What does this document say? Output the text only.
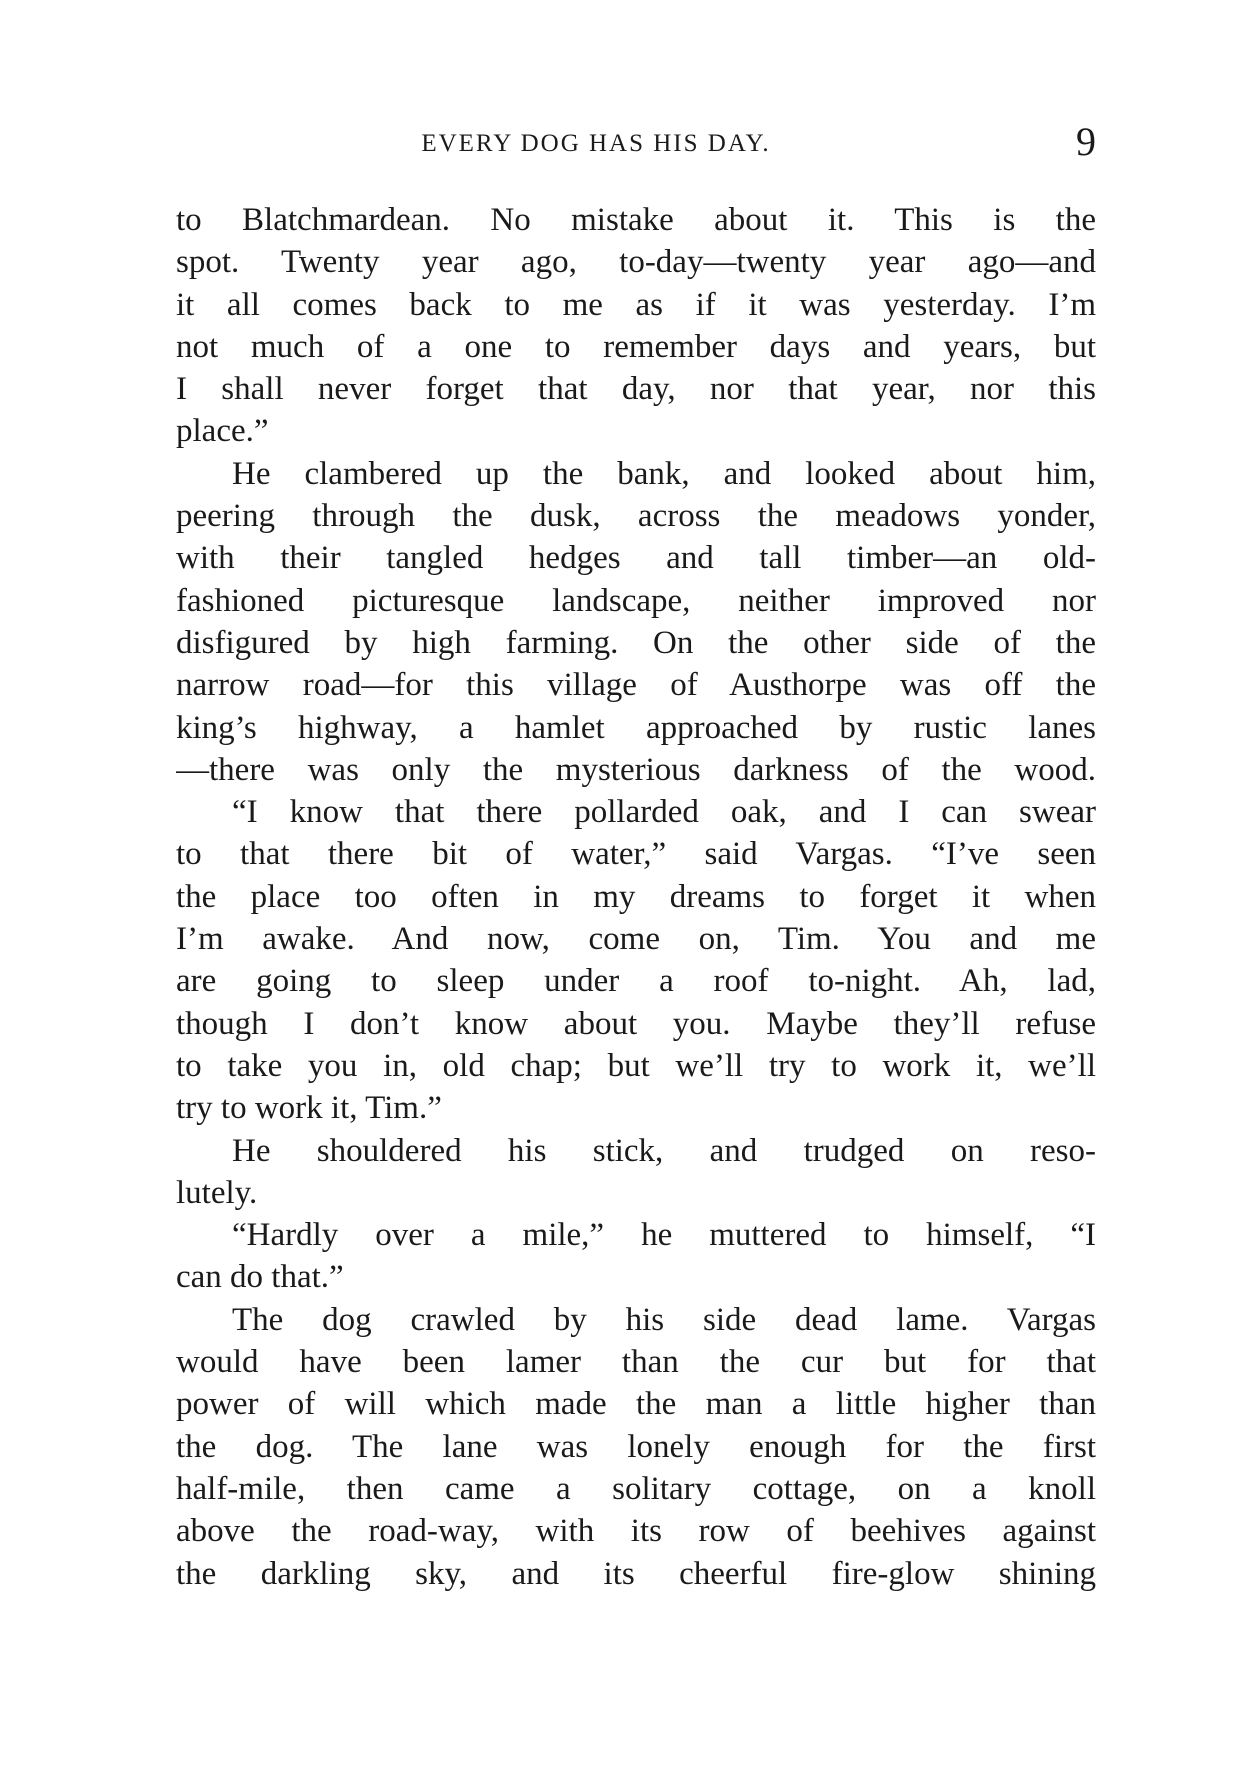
EVERY DOG HAS HIS DAY.	9
to Blatchmardean. No mistake about it. This is the
spot. Twenty year ago, to-day—twenty year ago—and
it all comes back to me as if it was yesterday. I’m
not much of a one to remember days and years, but
I shall never forget that day, nor that year, nor this
place.”
He clambered up the bank, and looked about him,
peering through the dusk, across the meadows yonder,
with their tangled hedges and tall timber—an old-
fashioned picturesque landscape, neither improved nor
disfigured by high farming. On the other side of the
narrow road—for this village of Austhorpe was off the
king’s highway, a hamlet approached by rustic lanes
—there was only the mysterious darkness of the wood.
“I know that there pollarded oak, and I can swear
to that there bit of water,” said Vargas. “I’ve seen
the place too often in my dreams to forget it when
I’m awake. And now, come on, Tim. You and me
are going to sleep under a roof to-night. Ah, lad,
though I don’t know about you. Maybe they’ll refuse
to take you in, old chap; but we’ll try to work it, we’ll
try to work it, Tim.”
He shouldered his stick, and trudged on reso-
lutely.
“Hardly over a mile,” he muttered to himself, “I
can do that.”
The dog crawled by his side dead lame. Vargas
would have been lamer than the cur but for that
power of will which made the man a little higher than
the dog. The lane was lonely enough for the first
half-mile, then came a solitary cottage, on a knoll
above the road-way, with its row of beehives against
the darkling sky, and its cheerful fire-glow shining
